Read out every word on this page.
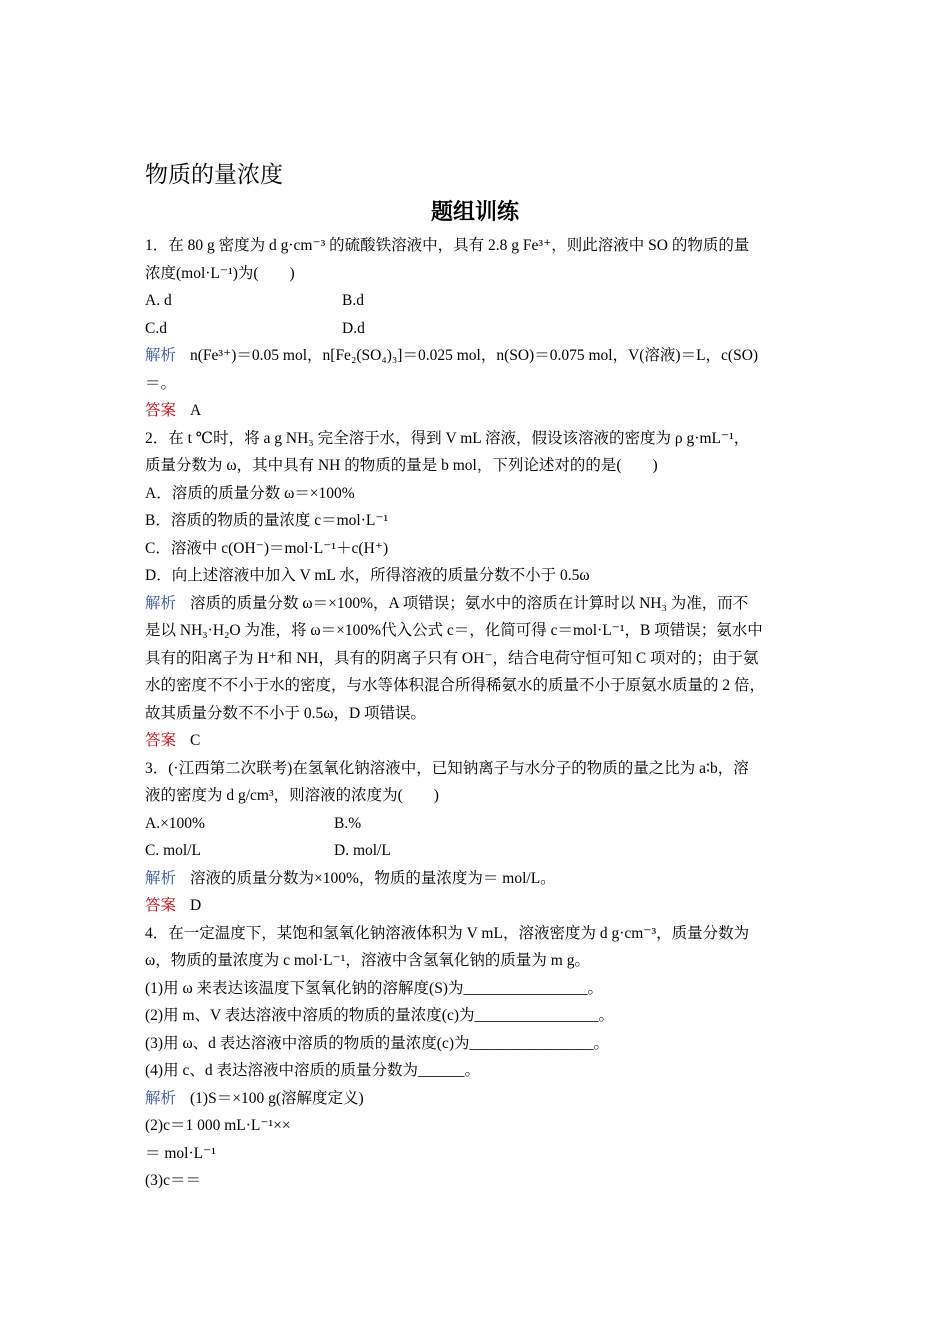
物质的量浓度
题组训练
1．在 80 g 密度为 d g·cm⁻³ 的硫酸铁溶液中，具有 2.8 g Fe³⁺，则此溶液中 SO 的物质的量
浓度(mol·L⁻¹)为(　　)
A. d	B.d
C.d	D.d
解析 n(Fe³⁺)＝0.05 mol，n[Fe₂(SO₄)₃]＝0.025 mol，n(SO)＝0.075 mol，V(溶液)＝L，c(SO)
＝。
答案 A
2．在 t ℃时，将 a g NH₃ 完全溶于水，得到 V mL 溶液，假设该溶液的密度为 ρ g·mL⁻¹，
质量分数为 ω，其中具有 NH 的物质的量是 b mol，下列论述对的的是(　　)
A．溶质的质量分数 ω＝×100%
B．溶质的物质的量浓度 c＝mol·L⁻¹
C．溶液中 c(OH⁻)＝mol·L⁻¹＋c(H⁺)
D．向上述溶液中加入 V mL 水，所得溶液的质量分数不小于 0.5ω
解析 溶质的质量分数 ω＝×100%，A 项错误；氨水中的溶质在计算时以 NH₃ 为准，而不
是以 NH₃·H₂O 为准，将 ω＝×100%代入公式 c＝，化简可得 c＝mol·L⁻¹，B 项错误；氨水中
具有的阳离子为 H⁺和 NH，具有的阴离子只有 OH⁻，结合电荷守恒可知 C 项对的；由于氨
水的密度不不小于水的密度，与水等体积混合所得稀氨水的质量不小于原氨水质量的 2 倍，
故其质量分数不不小于 0.5ω，D 项错误。
答案 C
3．(·江西第二次联考)在氢氧化钠溶液中，已知钠离子与水分子的物质的量之比为 a∶b，溶
液的密度为 d g/cm³，则溶液的浓度为(　　)
A.×100%	B.%
C. mol/L	D. mol/L
解析 溶液的质量分数为×100%，物质的量浓度为＝ mol/L。
答案 D
4．在一定温度下，某饱和氢氧化钠溶液体积为 V mL，溶液密度为 d g·cm⁻³，质量分数为
ω，物质的量浓度为 c mol·L⁻¹，溶液中含氢氧化钠的质量为 m g。
(1)用 ω 来表达该温度下氢氧化钠的溶解度(S)为________________。
(2)用 m、V 表达溶液中溶质的物质的量浓度(c)为________________。
(3)用 ω、d 表达溶液中溶质的物质的量浓度(c)为________________。
(4)用 c、d 表达溶液中溶质的质量分数为______。
解析 (1)S＝×100 g(溶解度定义)
(2)c＝1 000 mL·L⁻¹××
＝ mol·L⁻¹
(3)c＝＝
